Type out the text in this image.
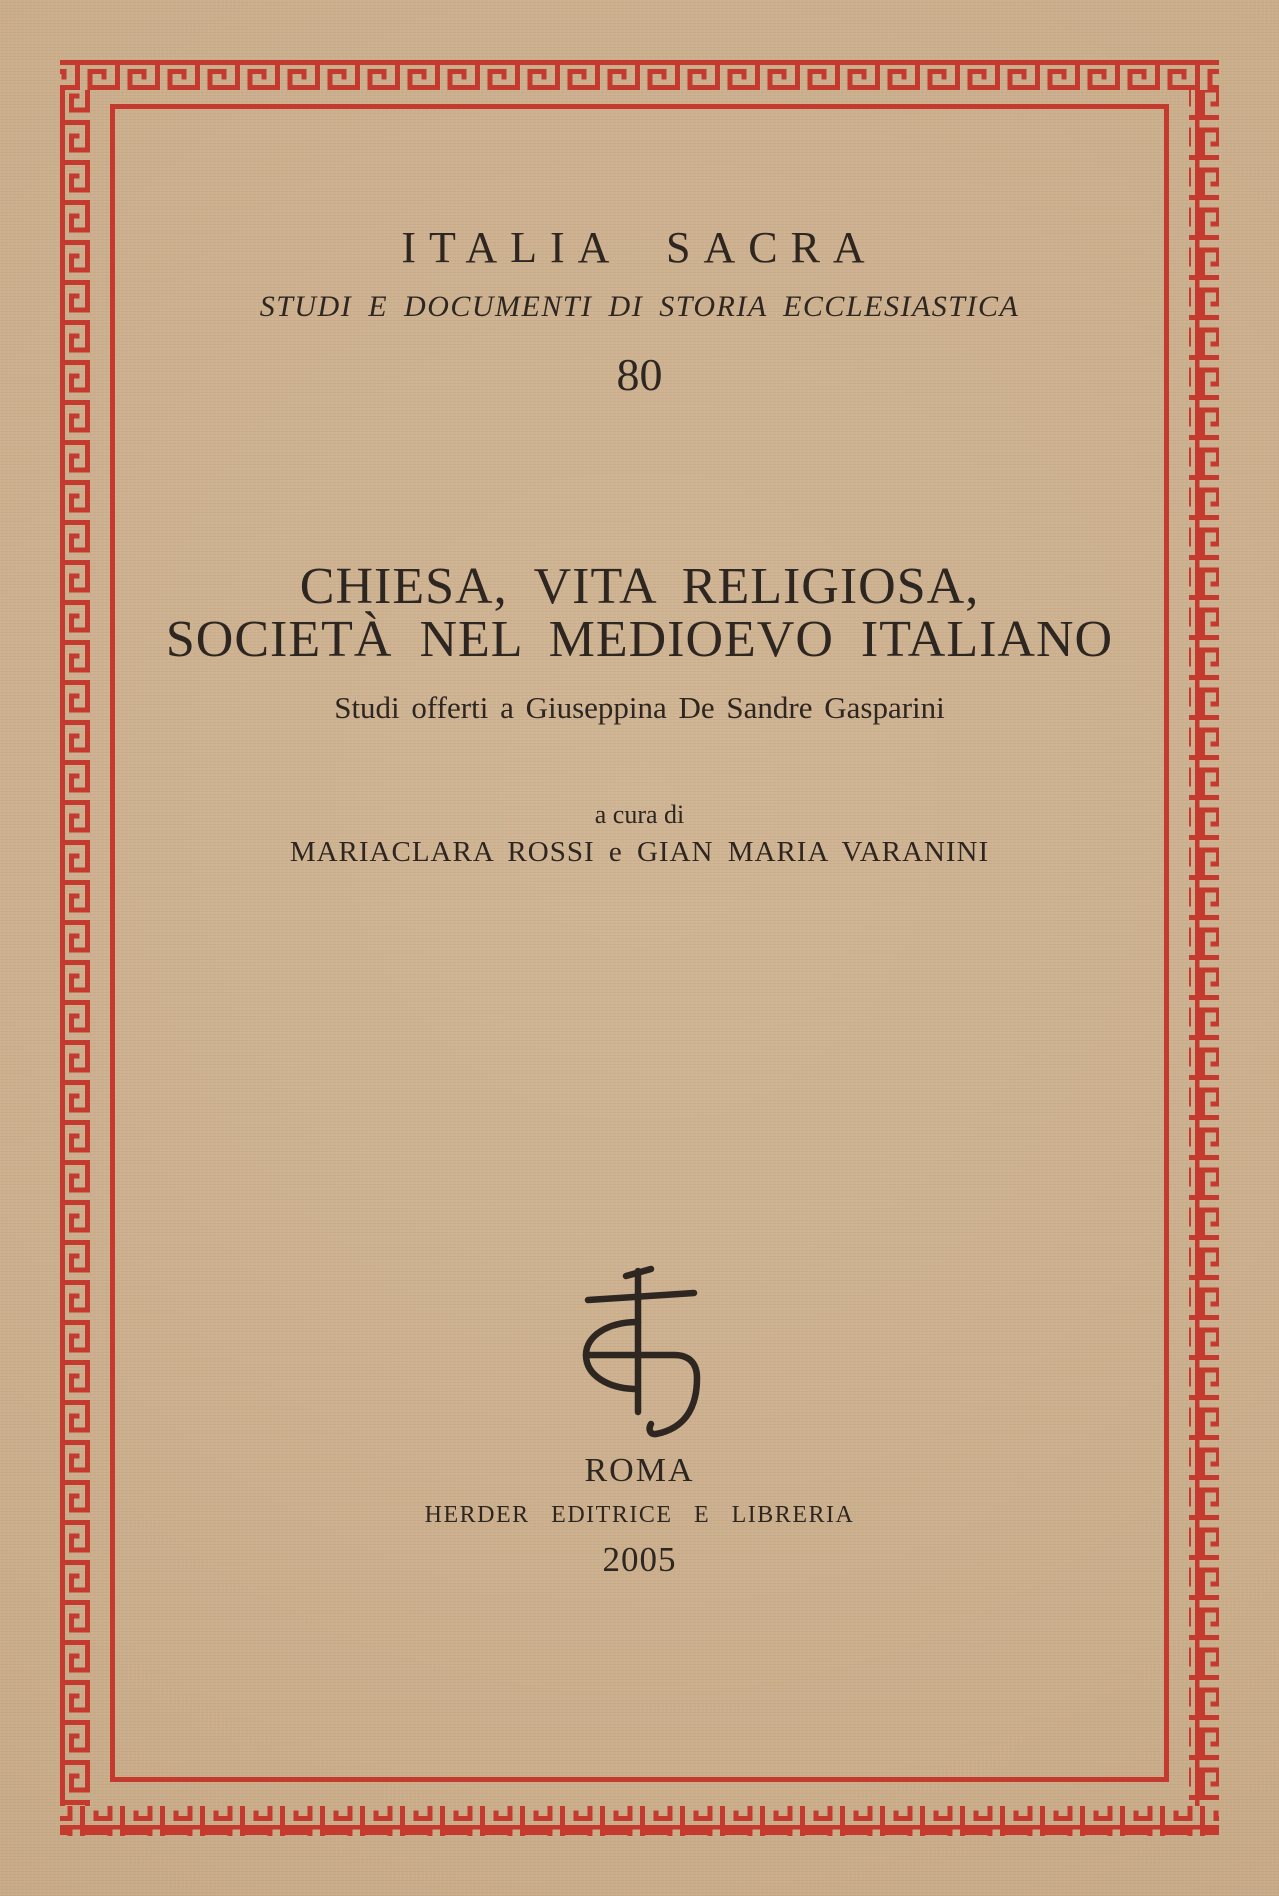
ITALIA SACRA
STUDI E DOCUMENTI DI STORIA ECCLESIASTICA
80
CHIESA, VITA RELIGIOSA,
SOCIETÀ NEL MEDIOEVO ITALIANO
Studi offerti a Giuseppina De Sandre Gasparini
a cura di
MARIACLARA ROSSI e GIAN MARIA VARANINI
ROMA
HERDER EDITRICE E LIBRERIA
2005
